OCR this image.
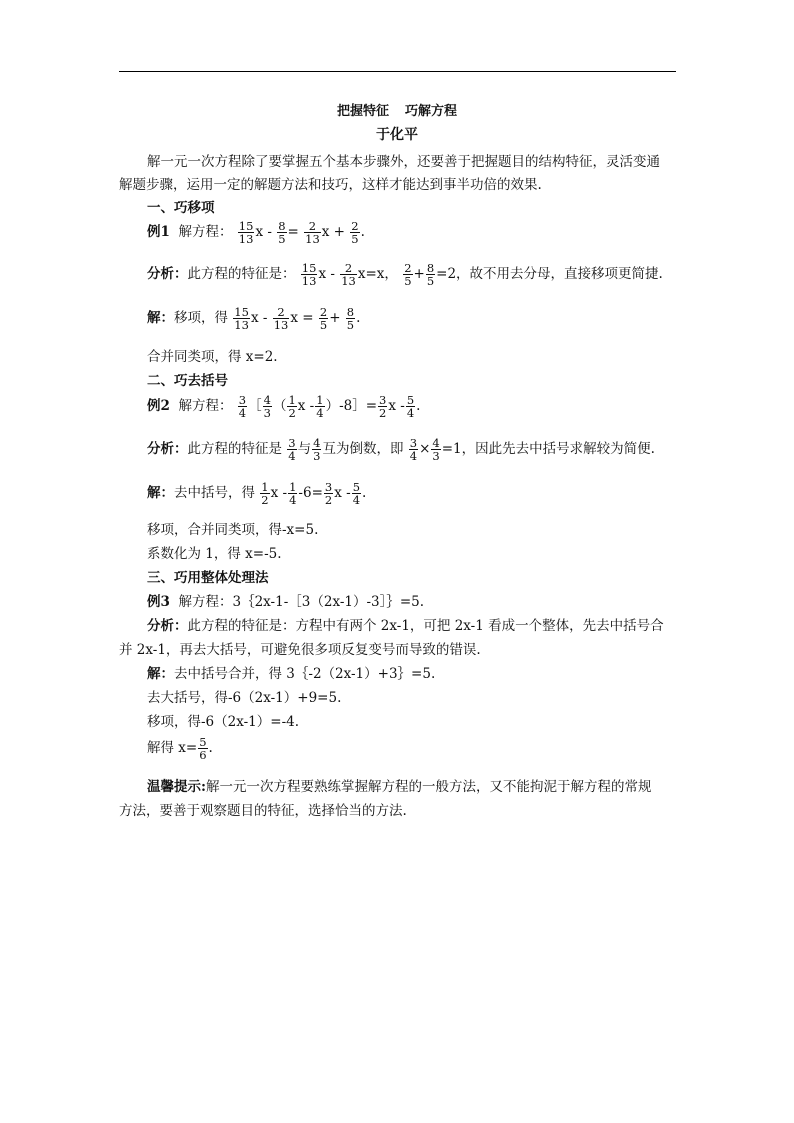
把握特征 巧解方程
于化平
解一元一次方程除了要掌握五个基本步骤外，还要善于把握题目的结构特征，灵活变通
解题步骤，运用一定的解题方法和技巧，这样才能达到事半功倍的效果.
一、巧移项
例1 解方程： $\frac{15}{13}$ $x - \frac{8}{5} = \frac{2}{13}$ $x + \frac{2}{5}$ .
分析：此方程的特征是： $\frac{15}{13}$ $x - \frac{2}{13} x=x$， $\frac{2}{5} + \frac{8}{5} =2$，故不用去分母，直接移项更简捷.
解：移项，得 $\frac{15}{13}$ x - $\frac{2}{13}$ $x = \frac{2}{5} + \frac{8}{5}$ .
合并同类项，得 x=2.
二、巧去括号
例2 解方程： $\frac{3}{4}$ ［ $\frac{4}{3}$ （ $\frac{1}{2}$ x - $\frac{1}{4}$ ）-8］= $\frac{3}{2}$ x - $\frac{5}{4}$ .
分析：此方程的特征是 $\frac{3}{4}$ 与 $\frac{4}{3}$ 互为倒数，即 $\frac{3}{4} \times \frac{4}{3} =1$，因此先去中括号求解较为简便.
解：去中括号，得 $\frac{1}{2}$ $x - \frac{1}{4} -6= \frac{3}{2}$ x - $\frac{5}{4}$ .
移项，合并同类项，得-x=5.
系数化为 1，得 x=-5.
三、巧用整体处理法
例3 解方程：3｛2x-1-［3（2x-1）-3］｝=5.
分析：此方程的特征是：方程中有两个 2x-1，可把 2x-1 看成一个整体，先去中括号合
并 2x-1，再去大括号，可避免很多项反复变号而导致的错误.
解：去中括号合并，得 3｛-2（2x-1）+3｝=5.
去大括号，得-6（2x-1）+9=5.
移项，得-6（2x-1）=-4.
解得 $x= \frac{5}{6}$ .
温馨提示:解一元一次方程要熟练掌握解方程的一般方法，又不能拘泥于解方程的常规
方法，要善于观察题目的特征，选择恰当的方法.
